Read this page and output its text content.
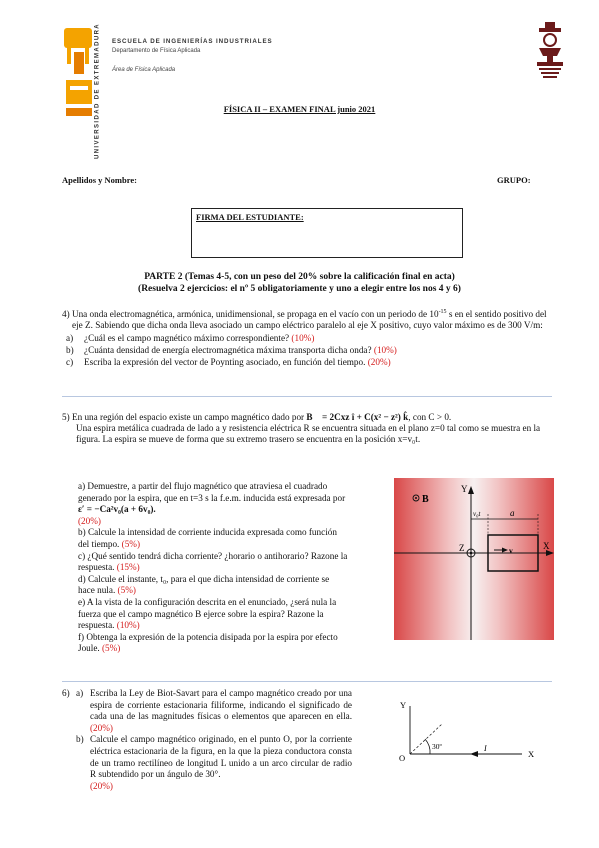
UNIVERSIDAD DE EXTREMADURA ESCUELA DE INGENIERÍAS INDUSTRIALES
Departamento de Física Aplicada
Área de Física Aplicada
FÍSICA II – EXAMEN FINAL junio 2021
Apellidos y Nombre:	GRUPO:
FIRMA DEL ESTUDIANTE:
PARTE 2 (Temas 4-5, con un peso del 20% sobre la calificación final en acta)
(Resuelva 2 ejercicios: el nº 5 obligatoriamente y uno a elegir entre los nos 4 y 6)
4) Una onda electromagnética, armónica, unidimensional, se propaga en el vacío con un periodo de $10^{-15}$ s en el sentido positivo del eje Z. Sabiendo que dicha onda lleva asociado un campo eléctrico paralelo al eje X positivo, cuyo valor máximo es de 300 V/m:
a)	¿Cuál es el campo magnético máximo correspondiente? (10%)
b)	¿Cuánta densidad de energía electromagnética máxima transporta dicha onda? (10%)
c)	Escriba la expresión del vector de Poynting asociado, en función del tiempo. (20%)
5) En una región del espacio existe un campo magnético dado por B⃗ = 2Cxz î + C(x² − z²) k̂, con C > 0.
Una espira metálica cuadrada de lado a y resistencia eléctrica R se encuentra situada en el plano z=0 tal como se muestra en la figura. La espira se mueve de forma que su extremo trasero se encuentra en la posición x=v₀t.

a) Demuestre, a partir del flujo magnético que atraviesa el cuadrado generado por la espira, que en t=3 s la f.e.m. inducida está expresada por ε′ = −Ca²v₀(a + 6v₀).
(20%)

b) Calcule la intensidad de corriente inducida expresada como función del tiempo. (5%)

c) ¿Qué sentido tendrá dicha corriente? ¿horario o antihorario? Razone la respuesta. (15%)

d) Calcule el instante, t₀, para el que dicha intensidad de corriente se hace nula. (5%)

e) A la vista de la configuración descrita en el enunciado, ¿será nula la fuerza que el campo magnético B ejerce sobre la espira? Razone la respuesta. (10%)

f) Obtenga la expresión de la potencia disipada por la espira por efecto Joule. (5%)

B
Y
X
Z
v₀t	a
v
6) a) Escriba la Ley de Biot-Savart para el campo magnético creado por una espira de corriente estacionaria filiforme, indicando el significado de cada una de las magnitudes físicas o elementos que aparecen en ella. (20%)
b) Calcule el campo magnético originado, en el punto O, por la corriente eléctrica estacionaria de la figura, en la que la pieza conductora consta de un tramo rectilíneo de longitud L unido a un arco circular de radio R subtendido por un ángulo de 30°.
(20%)
Y
X
O
30º	I
